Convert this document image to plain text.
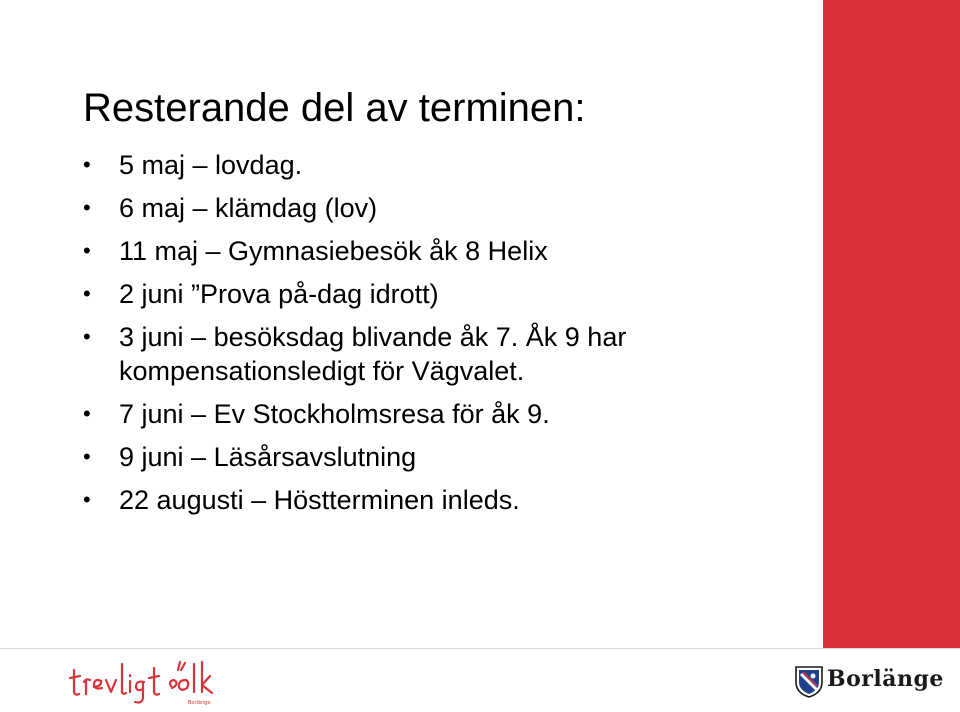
Resterande del av terminen:
•	5 maj – lovdag.
•	6 maj – klämdag (lov)
•	11 maj – Gymnasiebesök åk 8 Helix
•	2 juni ”Prova på-dag idrott)
•	3 juni – besöksdag blivande åk 7. Åk 9 har kompensationsledigt för Vägvalet.
•	7 juni – Ev Stockholmsresa för åk 9.
•	9 juni – Läsårsavslutning
•	22 augusti – Höstterminen inleds.
Borlänge
Borlänge
